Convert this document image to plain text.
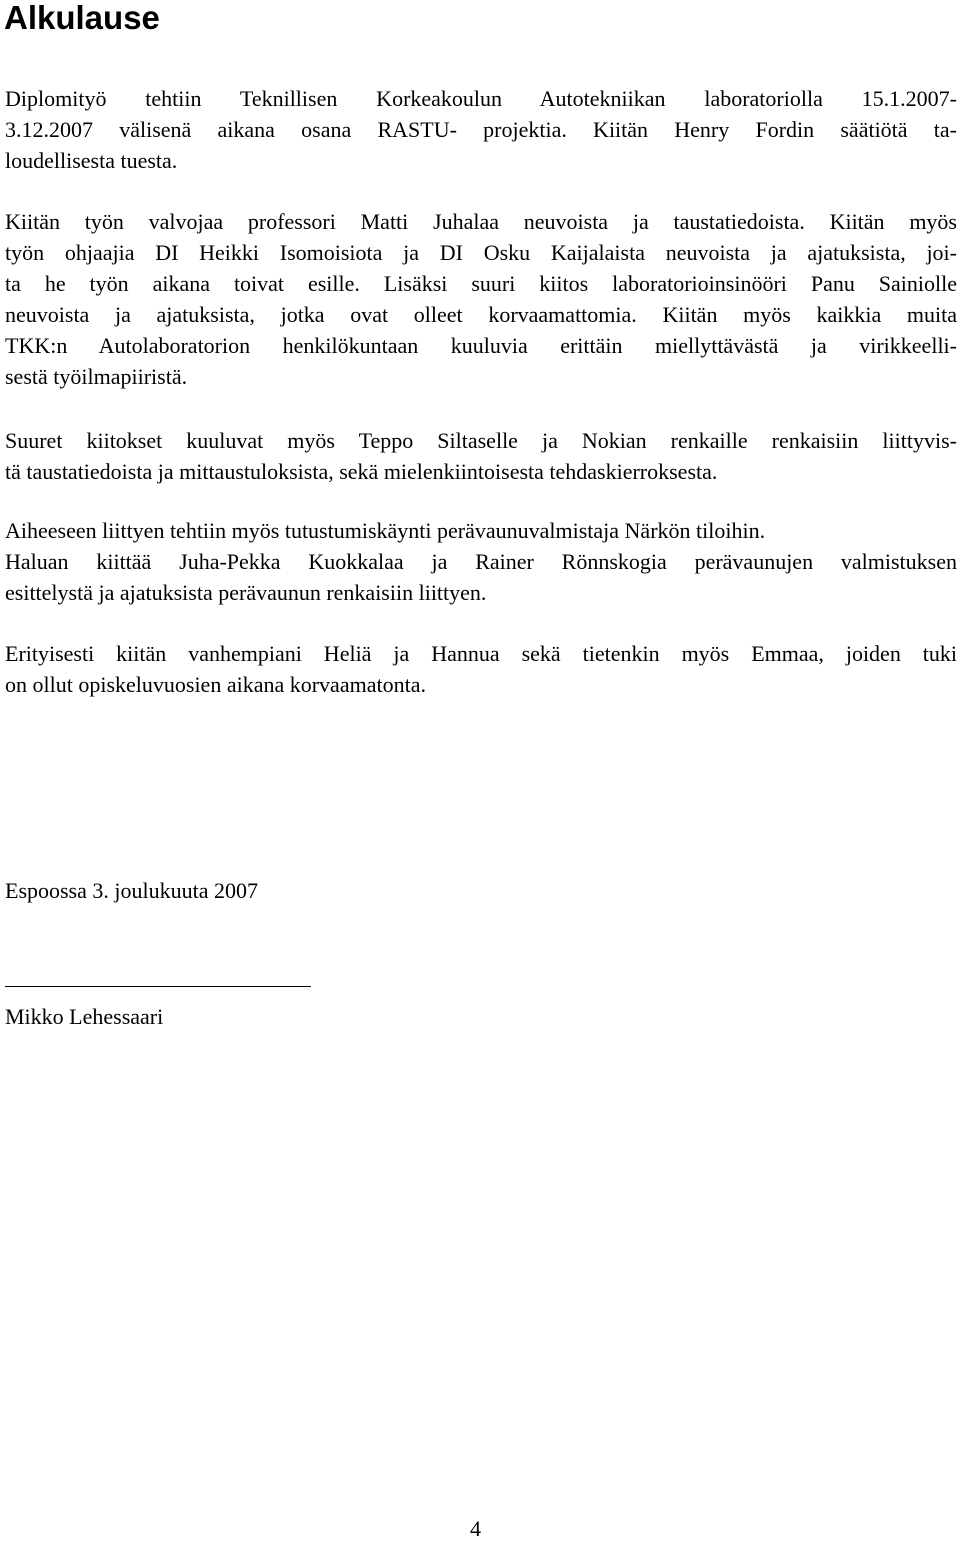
Alkulause
Diplomityö tehtiin Teknillisen Korkeakoulun Autotekniikan laboratoriolla 15.1.2007-
3.12.2007 välisenä aikana osana RASTU- projektia. Kiitän Henry Fordin säätiötä ta-
loudellisesta tuesta.
Kiitän työn valvojaa professori Matti Juhalaa neuvoista ja taustatiedoista. Kiitän myös
työn ohjaajia DI Heikki Isomoisiota ja DI Osku Kaijalaista neuvoista ja ajatuksista, joi-
ta he työn aikana toivat esille. Lisäksi suuri kiitos laboratorioinsinööri Panu Sainiolle
neuvoista ja ajatuksista, jotka ovat olleet korvaamattomia. Kiitän myös kaikkia muita
TKK:n Autolaboratorion henkilökuntaan kuuluvia erittäin miellyttävästä ja virikkeelli-
sestä työilmapiiristä.
Suuret kiitokset kuuluvat myös Teppo Siltaselle ja Nokian renkaille renkaisiin liittyvis-
tä taustatiedoista ja mittaustuloksista, sekä mielenkiintoisesta tehdaskierroksesta.
Aiheeseen liittyen tehtiin myös tutustumiskäynti perävaunuvalmistaja Närkön tiloihin.
Haluan kiittää Juha-Pekka Kuokkalaa ja Rainer Rönnskogia perävaunujen valmistuksen
esittelystä ja ajatuksista perävaunun renkaisiin liittyen.
Erityisesti kiitän vanhempiani Heliä ja Hannua sekä tietenkin myös Emmaa, joiden tuki
on ollut opiskeluvuosien aikana korvaamatonta.

Espoossa 3. joulukuuta 2007

Mikko Lehessaari

4
